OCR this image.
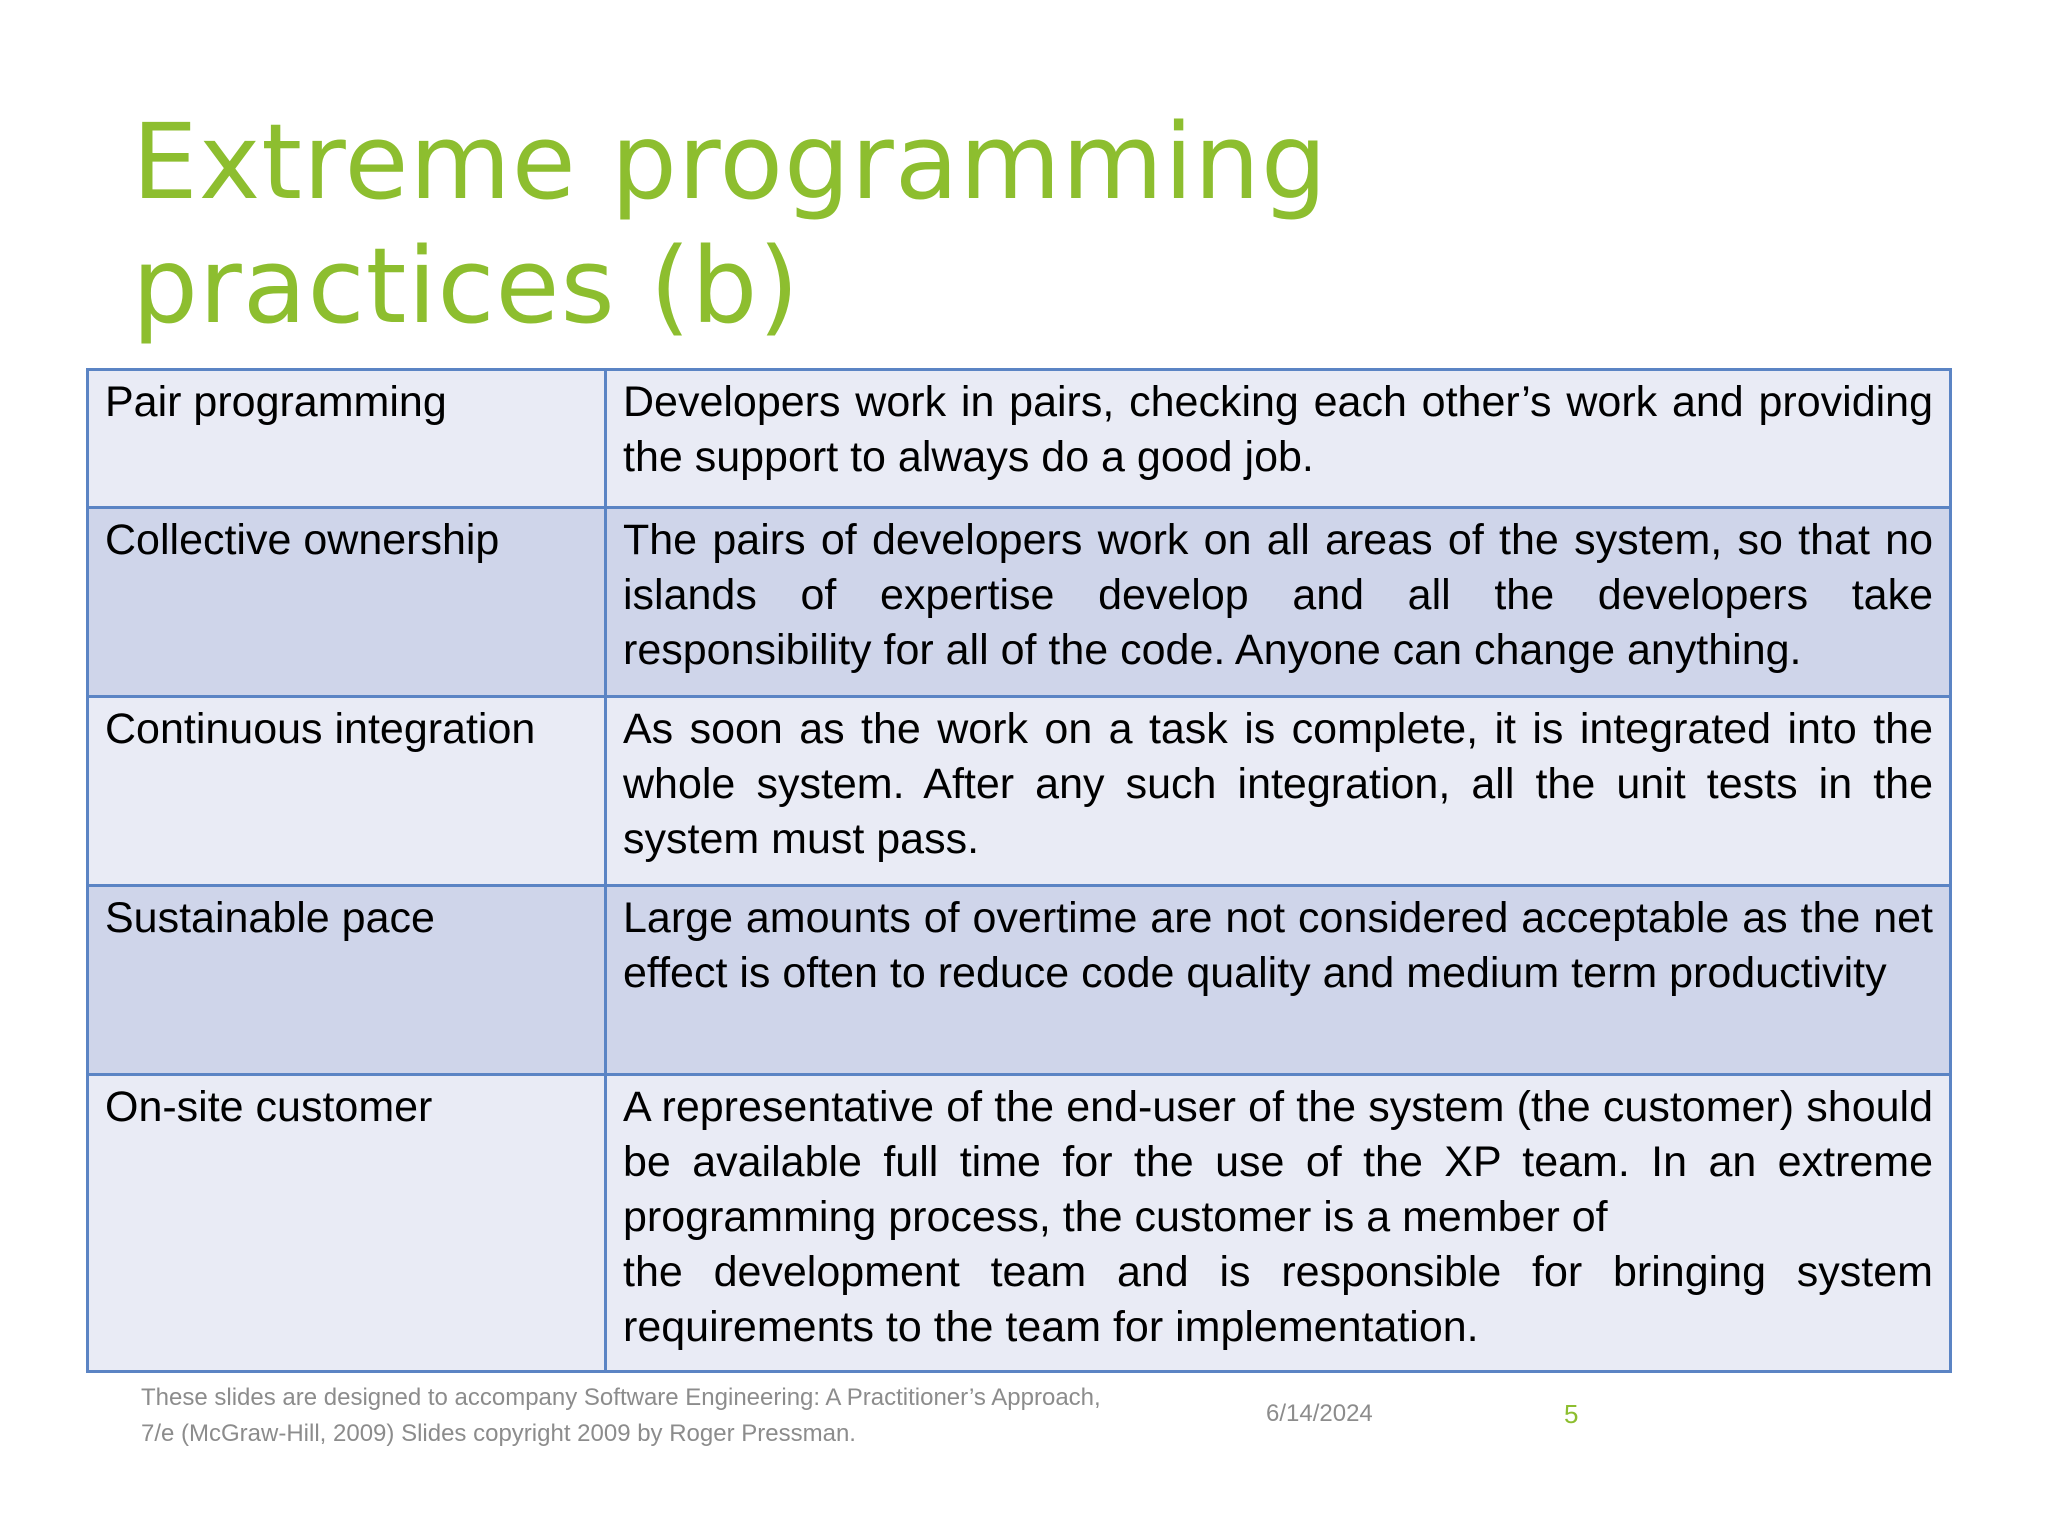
Extreme programming practices (b)
Pair programming	Developers work in pairs, checking each other’s work and providing the support to always do a good job.
Collective ownership	The pairs of developers work on all areas of the system, so that no islands of expertise develop and all the developers take responsibility for all of the code. Anyone can change anything.
Continuous integration	As soon as the work on a task is complete, it is integrated into the whole system. After any such integration, all the unit tests in the system must pass.
Sustainable pace	Large amounts of overtime are not considered acceptable as the net effect is often to reduce code quality and medium term productivity
On-site customer	A representative of the end-user of the system (the customer) should be available full time for the use of the XP team. In an extreme programming process, the customer is a member of
the development team and is responsible for bringing system requirements to the team for implementation.
These slides are designed to accompany Software Engineering: A Practitioner’s Approach,
7/e (McGraw-Hill, 2009) Slides copyright 2009 by Roger Pressman.
6/14/2024	5
